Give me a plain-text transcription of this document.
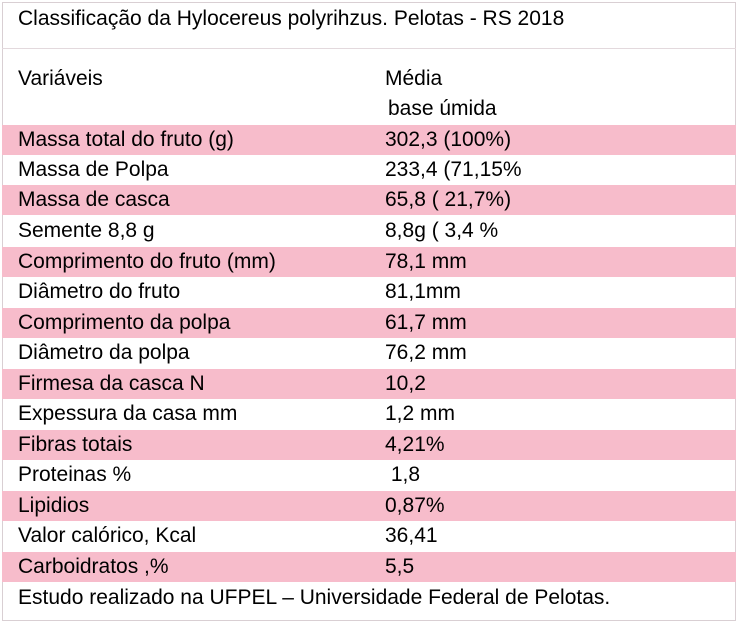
Classificação da Hylocereus polyrihzus. Pelotas - RS 2018
Variáveis	Média
base úmida
Massa total do fruto (g)	302,3 (100%)
Massa de Polpa	233,4 (71,15%
Massa de casca	65,8 ( 21,7%)
Semente 8,8 g	8,8g ( 3,4 %
Comprimento do fruto (mm)	78,1 mm
Diâmetro do fruto	81,1mm
Comprimento da polpa	61,7 mm
Diâmetro da polpa	76,2 mm
Firmesa da casca N	10,2
Expessura da casa mm	1,2 mm
Fibras totais	4,21%
Proteinas %	1,8
Lipidios	0,87%
Valor calórico, Kcal	36,41
Carboidratos ,%	5,5
Estudo realizado na UFPEL – Universidade Federal de Pelotas.
